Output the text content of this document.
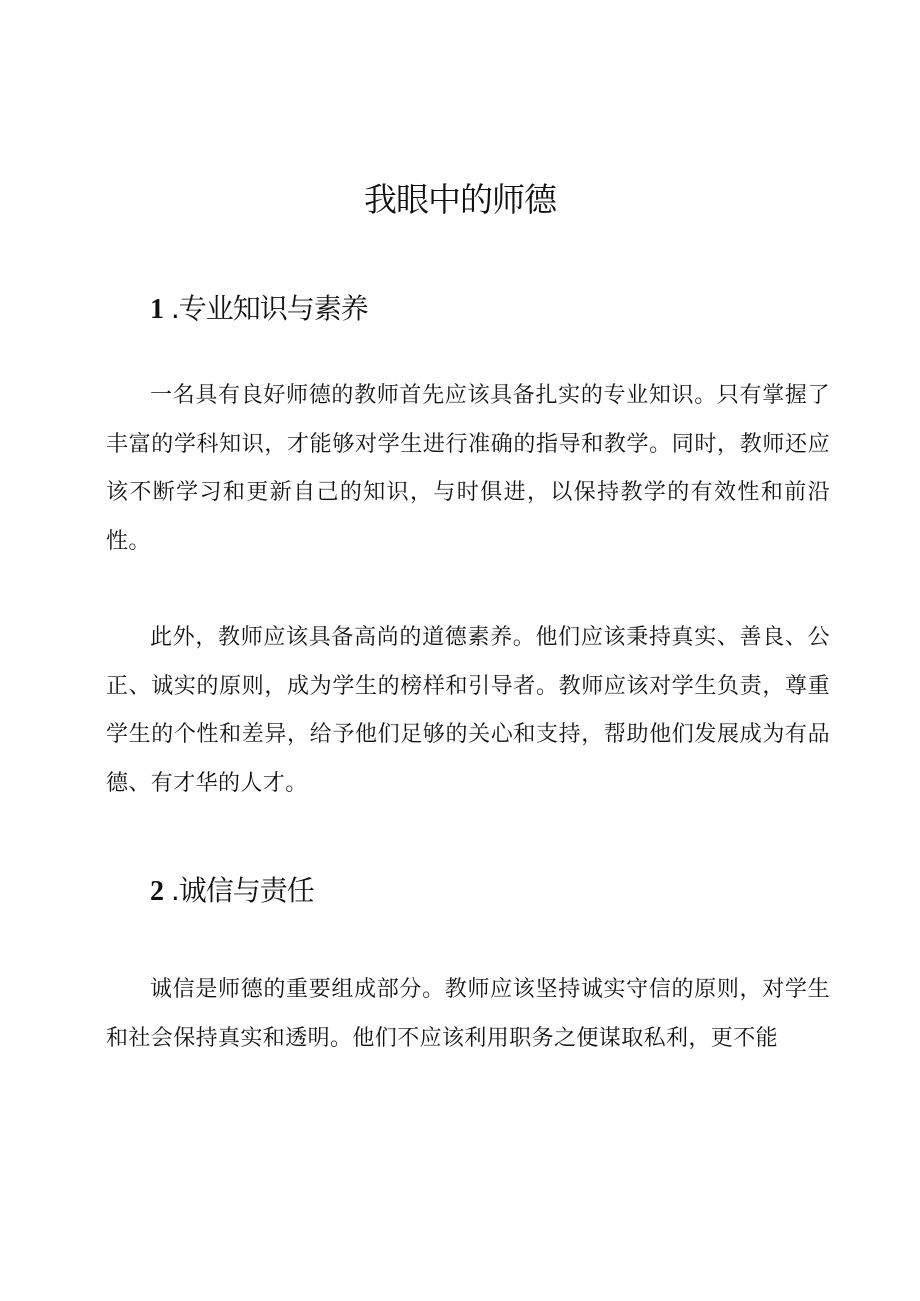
我眼中的师德
1 .专业知识与素养

一名具有良好师德的教师首先应该具备扎实的专业知识。只有掌握了丰富的学科知识，才能够对学生进行准确的指导和教学。同时，教师还应该不断学习和更新自己的知识，与时俱进，以保持教学的有效性和前沿性。

此外，教师应该具备高尚的道德素养。他们应该秉持真实、善良、公正、诚实的原则，成为学生的榜样和引导者。教师应该对学生负责，尊重学生的个性和差异，给予他们足够的关心和支持，帮助他们发展成为有品德、有才华的人才。

2 .诚信与责任

诚信是师德的重要组成部分。教师应该坚持诚实守信的原则，对学生和社会保持真实和透明。他们不应该利用职务之便谋取私利，更不能
